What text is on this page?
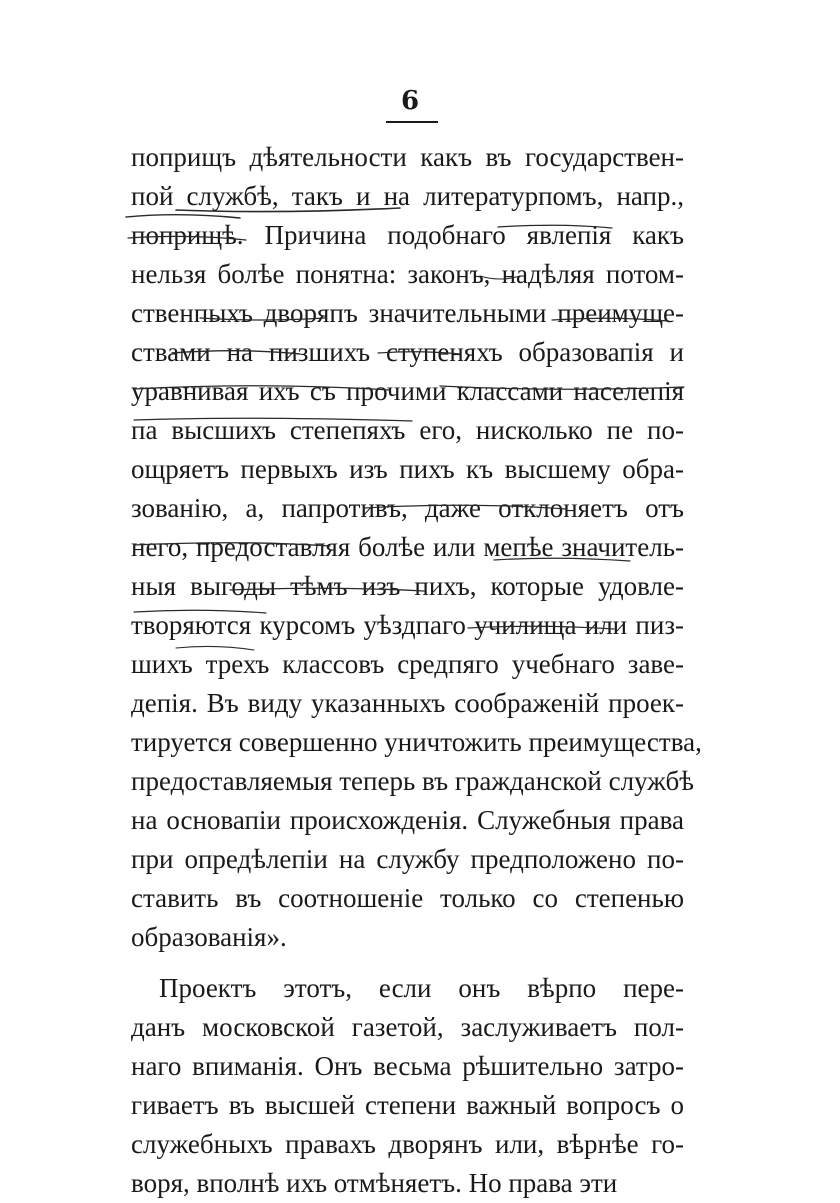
6
поприщъ дѣятельности какъ въ государствен-
пой службѣ, такъ и на литературпомъ, напр.,
поприщѣ. Причина подобнаго явлепія какъ
нельзя болѣе понятна: законъ, надѣляя потом-
ственпыхъ дворяпъ значительными преимуще-
ствами на пизшихъ ступеняхъ образовапія и
уравнивая ихъ съ прочими классами населепія
па высшихъ степепяхъ его, нисколько пе по-
ощряетъ первыхъ изъ пихъ къ высшему обра-
зованію, а, папротивъ, даже отклоняетъ отъ
него, предоставляя болѣе или мепѣе значитель-
ныя выгоды тѣмъ изъ пихъ, которые удовле-
творяются курсомъ уѣздпаго училища или пиз-
шихъ трехъ классовъ средпяго учебнаго заве-
депія. Въ виду указанныхъ соображеній проек-
тируется совершенно уничтожить преимущества,
предоставляемыя теперь въ гражданской службѣ
на основапіи происхожденія. Служебныя права
при опредѣлепіи на службу предположено по-
ставить въ соотношеніе только со степенью
образованія».
Проектъ этотъ, если онъ вѣрпо пере-
данъ московской газетой, заслуживаетъ пол-
наго впиманія. Онъ весьма рѣшительно затро-
гиваетъ въ высшей степени важный вопросъ о
служебныхъ правахъ дворянъ или, вѣрнѣе го-
воря, вполнѣ ихъ отмѣняетъ. Но права эти
